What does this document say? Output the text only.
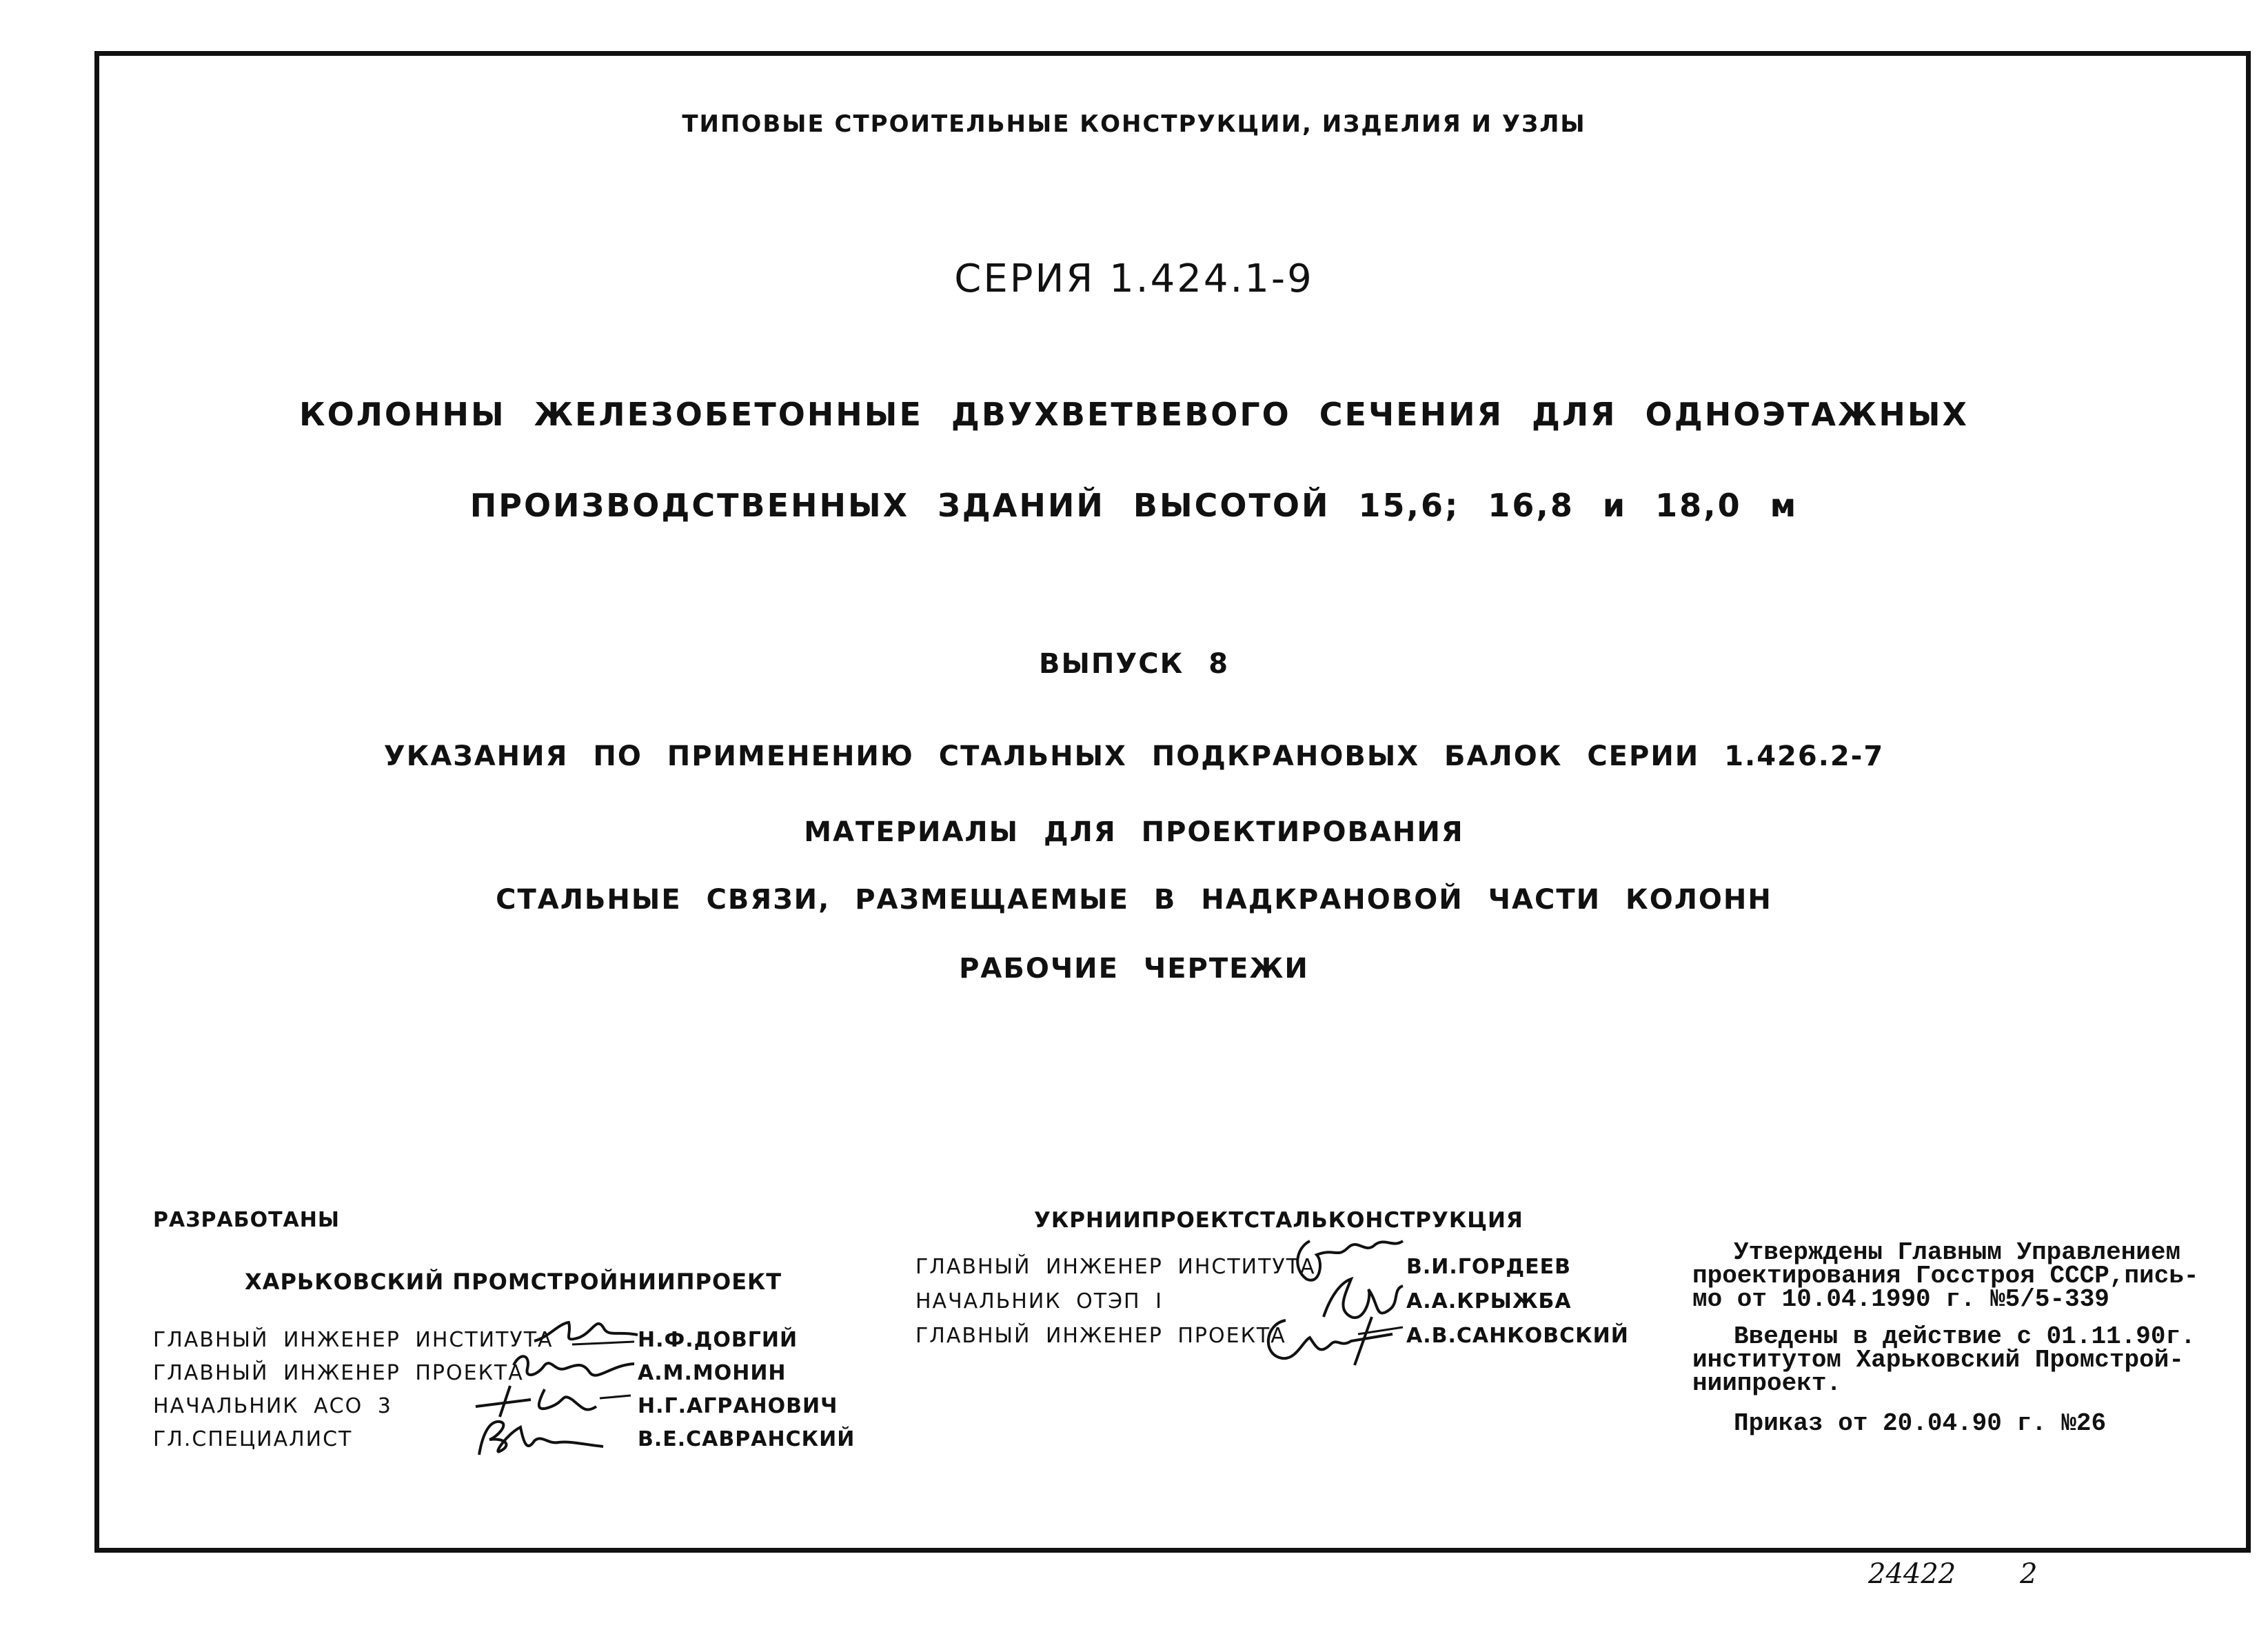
ТИПОВЫЕ СТРОИТЕЛЬНЫЕ КОНСТРУКЦИИ, ИЗДЕЛИЯ И УЗЛЫ
СЕРИЯ 1.424.1-9
КОЛОННЫ ЖЕЛЕЗОБЕТОННЫЕ ДВУХВЕТВЕВОГО СЕЧЕНИЯ ДЛЯ ОДНОЭТАЖНЫХ
ПРОИЗВОДСТВЕННЫХ ЗДАНИЙ ВЫСОТОЙ 15,6; 16,8 и 18,0 м
ВЫПУСК 8
УКАЗАНИЯ ПО ПРИМЕНЕНИЮ СТАЛЬНЫХ ПОДКРАНОВЫХ БАЛОК СЕРИИ 1.426.2-7
МАТЕРИАЛЫ ДЛЯ ПРОЕКТИРОВАНИЯ
СТАЛЬНЫЕ СВЯЗИ, РАЗМЕЩАЕМЫЕ В НАДКРАНОВОЙ ЧАСТИ КОЛОНН
РАБОЧИЕ ЧЕРТЕЖИ
РАЗРАБОТАНЫ
ХАРЬКОВСКИЙ ПРОМСТРОЙНИИПРОЕКТ
ГЛАВНЫЙ ИНЖЕНЕР ИНСТИТУТА
ГЛАВНЫЙ ИНЖЕНЕР ПРОЕКТА
НАЧАЛЬНИК АСО 3
ГЛ.СПЕЦИАЛИСТ
Н.Ф.ДОВГИЙ
А.М.МОНИН
Н.Г.АГРАНОВИЧ
В.Е.САВРАНСКИЙ
УКРНИИПРОЕКТСТАЛЬКОНСТРУКЦИЯ
ГЛАВНЫЙ ИНЖЕНЕР ИНСТИТУТА
НАЧАЛЬНИК ОТЭП I
ГЛАВНЫЙ ИНЖЕНЕР ПРОЕКТА
В.И.ГОРДЕЕВ
А.А.КРЫЖБА
А.В.САНКОВСКИЙ
Утверждены Главным Управлением
проектирования Госстроя СССР,пись-
мо от 10.04.1990 г. №5/5-339
Введены в действие с 01.11.90г.
институтом Харьковский Промстрой-
ниипроект.
Приказ от 20.04.90 г. №26
24422 2
